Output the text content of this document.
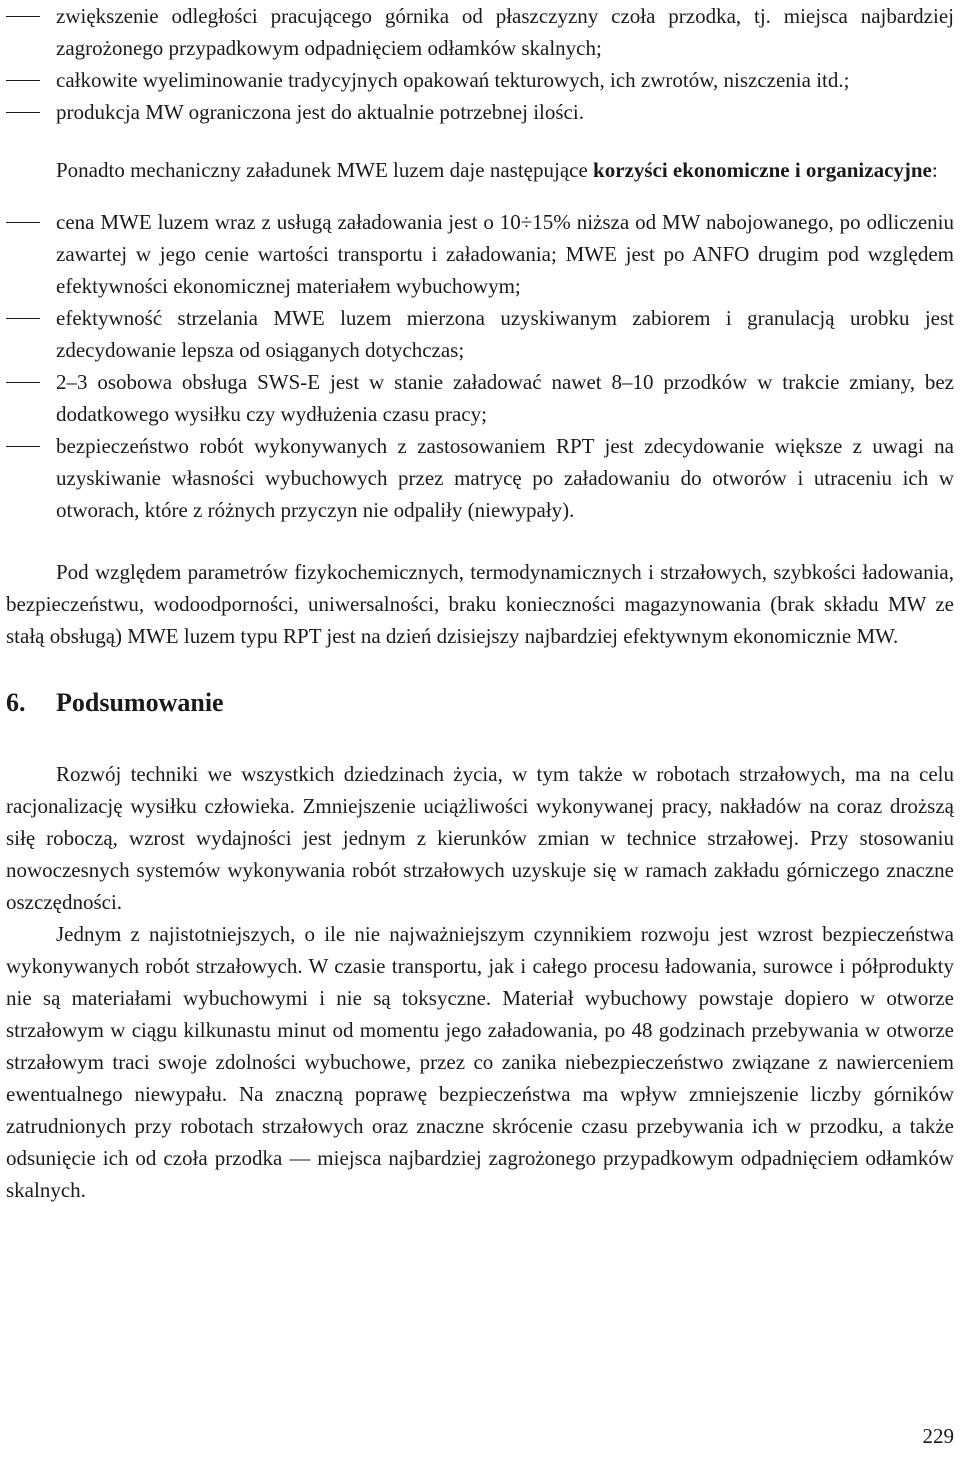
zwiększenie odległości pracującego górnika od płaszczyzny czoła przodka, tj. miejsca najbardziej zagrożonego przypadkowym odpadnięciem odłamków skalnych;
całkowite wyeliminowanie tradycyjnych opakowań tekturowych, ich zwrotów, niszczenia itd.;
produkcja MW ograniczona jest do aktualnie potrzebnej ilości.

Ponadto mechaniczny załadunek MWE luzem daje następujące korzyści ekonomiczne i organizacyjne:

cena MWE luzem wraz z usługą załadowania jest o 10÷15% niższa od MW nabojowanego, po odliczeniu zawartej w jego cenie wartości transportu i załadowania; MWE jest po ANFO drugim pod względem efektywności ekonomicznej materiałem wybuchowym;
efektywność strzelania MWE luzem mierzona uzyskiwanym zabiorem i granulacją urobku jest zdecydowanie lepsza od osiąganych dotychczas;
2–3 osobowa obsługa SWS-E jest w stanie załadować nawet 8–10 przodków w trakcie zmiany, bez dodatkowego wysiłku czy wydłużenia czasu pracy;
bezpieczeństwo robót wykonywanych z zastosowaniem RPT jest zdecydowanie większe z uwagi na uzyskiwanie własności wybuchowych przez matrycę po załadowaniu do otworów i utraceniu ich w otworach, które z różnych przyczyn nie odpaliły (niewypały).

Pod względem parametrów fizykochemicznych, termodynamicznych i strzałowych, szybkości ładowania, bezpieczeństwu, wodoodporności, uniwersalności, braku konieczności magazynowania (brak składu MW ze stałą obsługą) MWE luzem typu RPT jest na dzień dzisiejszy najbardziej efektywnym ekonomicznie MW.

6. Podsumowanie

Rozwój techniki we wszystkich dziedzinach życia, w tym także w robotach strzałowych, ma na celu racjonalizację wysiłku człowieka. Zmniejszenie uciążliwości wykonywanej pracy, nakładów na coraz droższą siłę roboczą, wzrost wydajności jest jednym z kierunków zmian w technice strzałowej. Przy stosowaniu nowoczesnych systemów wykonywania robót strzałowych uzyskuje się w ramach zakładu górniczego znaczne oszczędności.

Jednym z najistotniejszych, o ile nie najważniejszym czynnikiem rozwoju jest wzrost bezpieczeństwa wykonywanych robót strzałowych. W czasie transportu, jak i całego procesu ładowania, surowce i półprodukty nie są materiałami wybuchowymi i nie są toksyczne. Materiał wybuchowy powstaje dopiero w otworze strzałowym w ciągu kilkunastu minut od momentu jego załadowania, po 48 godzinach przebywania w otworze strzałowym traci swoje zdolności wybuchowe, przez co zanika niebezpieczeństwo związane z nawierceniem ewentualnego niewypału. Na znaczną poprawę bezpieczeństwa ma wpływ zmniejszenie liczby górników zatrudnionych przy robotach strzałowych oraz znaczne skrócenie czasu przebywania ich w przodku, a także odsunięcie ich od czoła przodka — miejsca najbardziej zagrożonego przypadkowym odpadnięciem odłamków skalnych.

229
